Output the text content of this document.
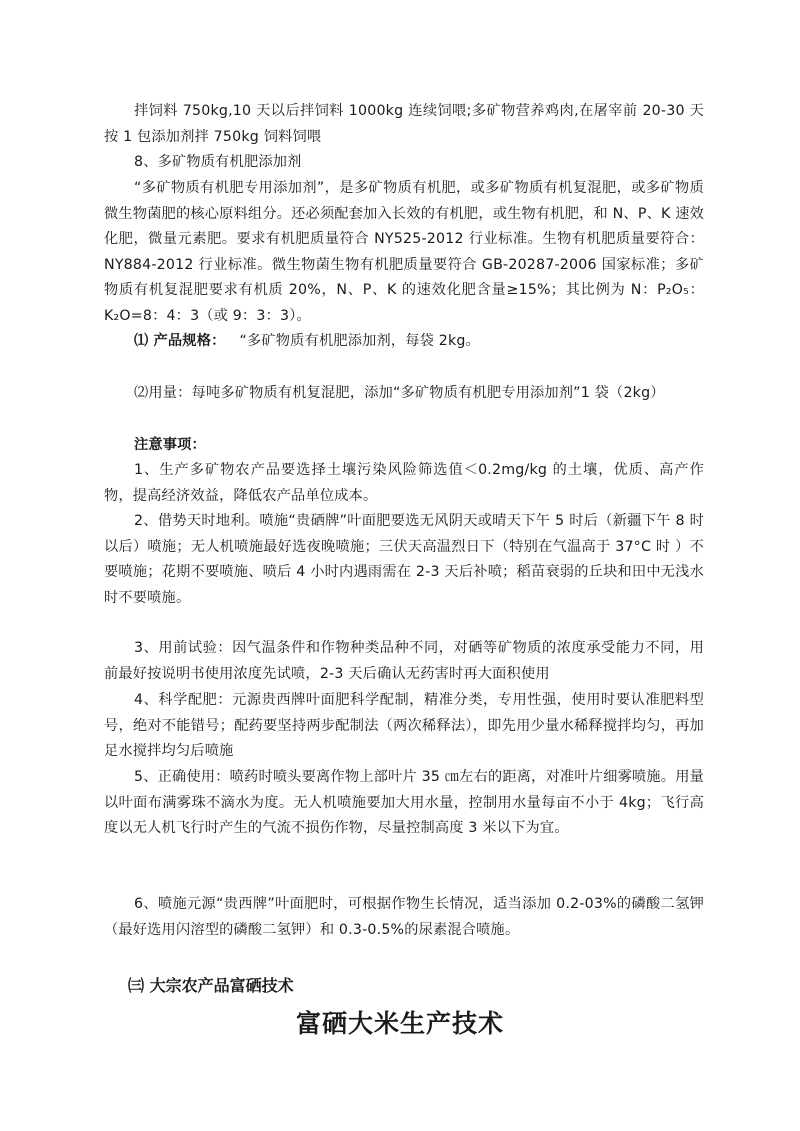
拌饲料 750kg,10 天以后拌饲料 1000kg 连续饲喂;多矿物营养鸡肉,在屠宰前 20-30 天按 1 包添加剂拌 750kg 饲料饲喂

8、多矿物质有机肥添加剂

“多矿物质有机肥专用添加剂”，是多矿物质有机肥，或多矿物质有机复混肥，或多矿物质微生物菌肥的核心原料组分。还必须配套加入长效的有机肥，或生物有机肥，和 N、P、K 速效化肥，微量元素肥。要求有机肥质量符合 NY525-2012 行业标准。生物有机肥质量要符合：NY884-2012 行业标准。微生物菌生物有机肥质量要符合 GB-20287-2006 国家标准；多矿物质有机复混肥要求有机质 20%，N、P、K 的速效化肥含量≥15%；其比例为 N：P₂O₅：K₂O=8：4：3（或 9：3：3）。

⑴ 产品规格： “多矿物质有机肥添加剂，每袋 2kg。

⑵用量：每吨多矿物质有机复混肥，添加“多矿物质有机肥专用添加剂”1 袋（2kg）

注意事项：

1、生产多矿物农产品要选择土壤污染风险筛选值＜0.2mg/kg 的土壤，优质、高产作物，提高经济效益，降低农产品单位成本。

2、借势天时地利。喷施“贵硒牌”叶面肥要选无风阴天或晴天下午 5 时后（新疆下午 8 时以后）喷施；无人机喷施最好选夜晚喷施；三伏天高温烈日下（特别在气温高于 37°C 时 ）不要喷施；花期不要喷施、喷后 4 小时内遇雨需在 2-3 天后补喷；稻苗衰弱的丘块和田中无浅水时不要喷施。

3、用前试验：因气温条件和作物种类品种不同，对硒等矿物质的浓度承受能力不同，用前最好按说明书使用浓度先试喷，2-3 天后确认无药害时再大面积使用

4、科学配肥：元源贵西牌叶面肥科学配制，精准分类，专用性强，使用时要认准肥料型号，绝对不能错号；配药要坚持两步配制法（两次稀释法），即先用少量水稀释搅拌均匀，再加足水搅拌均匀后喷施

5、正确使用：喷药时喷头要离作物上部叶片 35 ㎝左右的距离，对准叶片细雾喷施。用量以叶面布满雾珠不滴水为度。无人机喷施要加大用水量，控制用水量每亩不小于 4kg；飞行高度以无人机飞行时产生的气流不损伤作物，尽量控制高度 3 米以下为宜。

6、喷施元源“贵西牌”叶面肥时，可根据作物生长情况，适当添加 0.2-03%的磷酸二氢钾（最好选用闪溶型的磷酸二氢钾）和 0.3-0.5%的尿素混合喷施。

㈢ 大宗农产品富硒技术
富硒大米生产技术
